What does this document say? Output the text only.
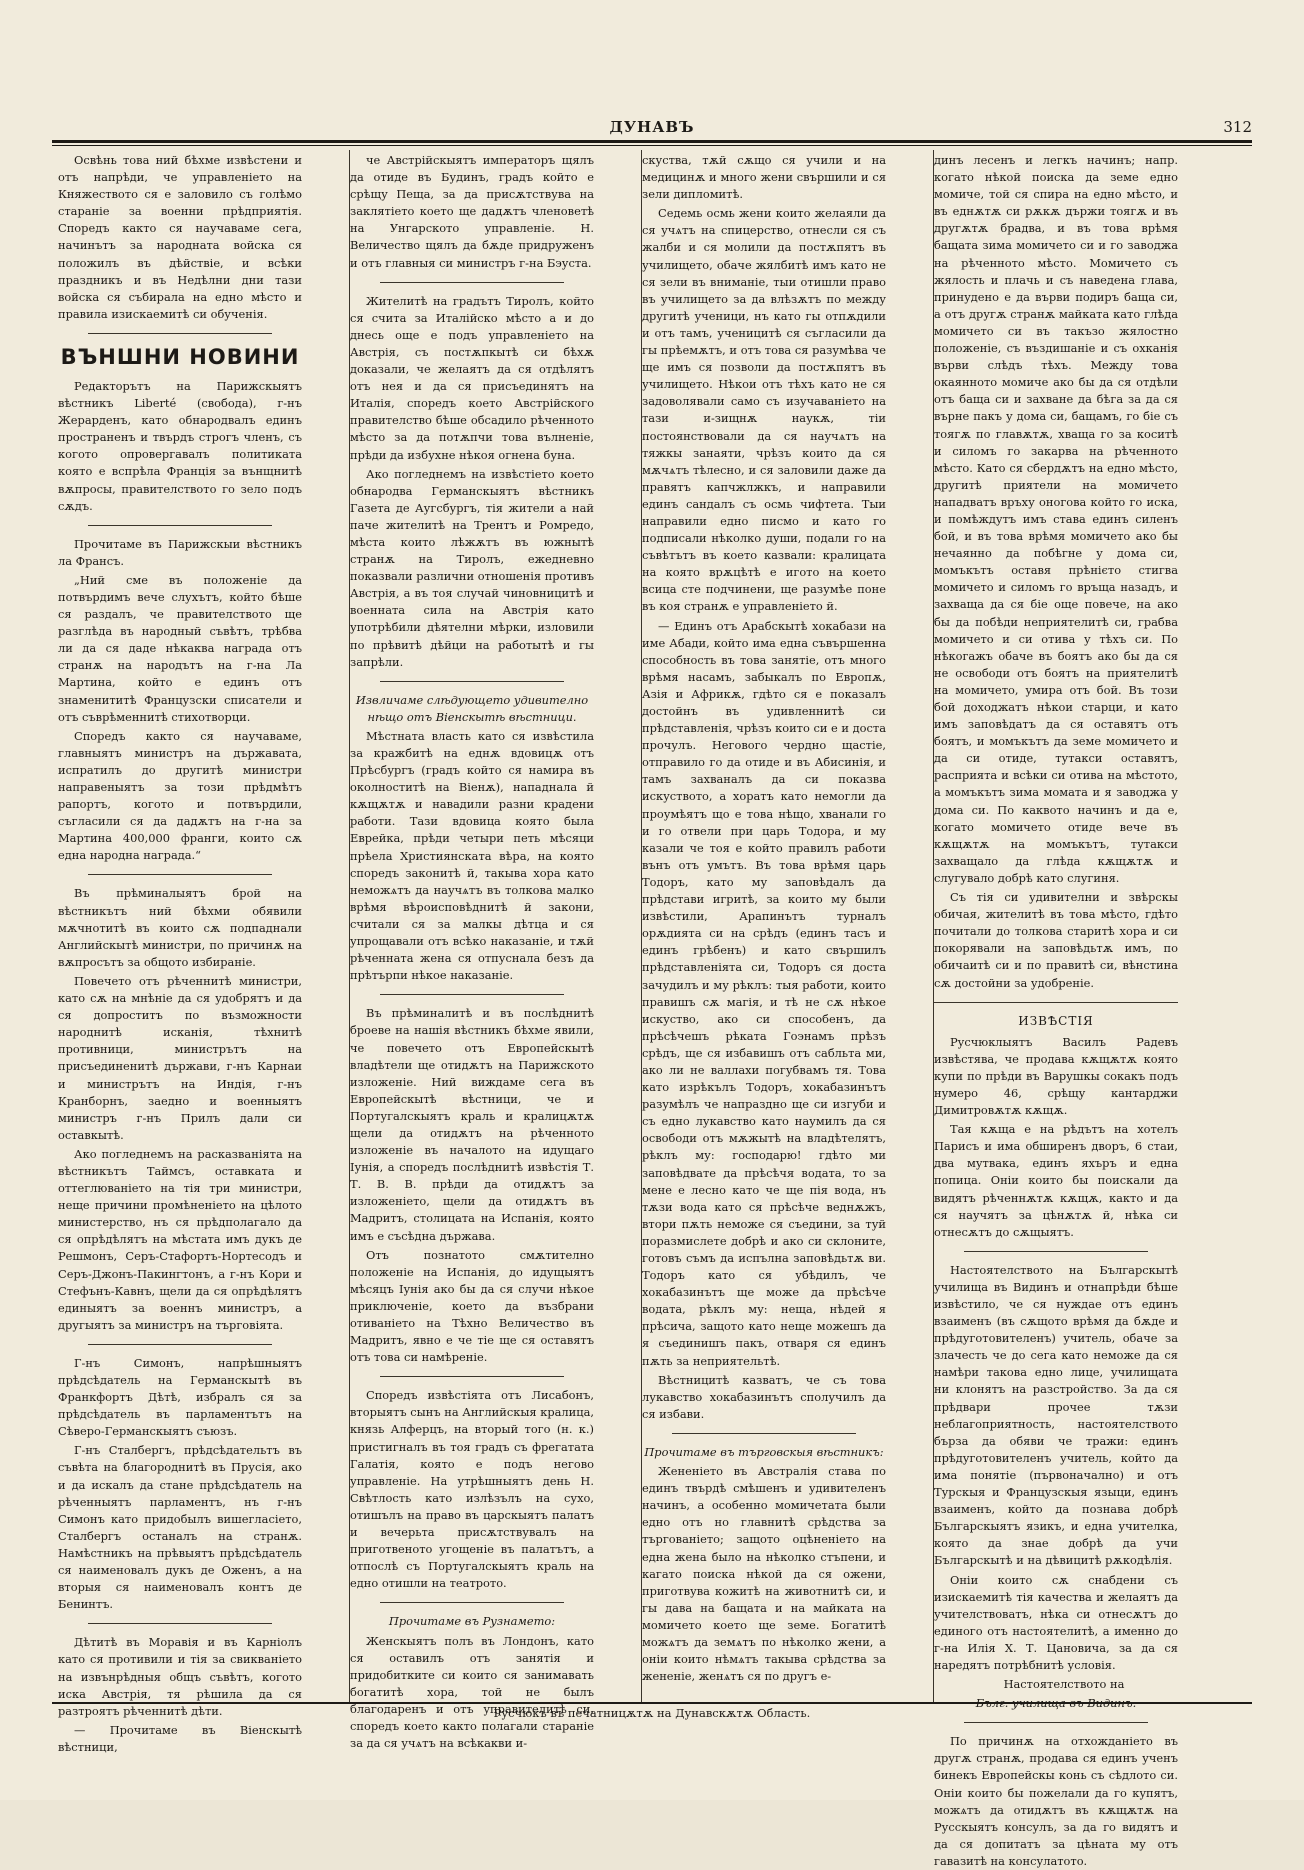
ДУНАВЪ	312

Освѣнь това ний бѣхме извѣстени и отъ напрѣди, че управленіето на Княжеството ся е заловило съ голѣмо стараніе за военни прѣдприятія. Споредъ както ся научаваме сега, начинътъ за народната войска ся положилъ въ дѣйствіе, и всѣки праздникъ и въ Недѣлни дни тази войска ся събирала на едно мѣсто и правила изискаемитѣ си обученія.

ВЪНШНИ НОВИНИ

Редакторътъ на Парижскыятъ вѣстникъ Liberté (свобода), г-нъ Жерарденъ, като обнародвалъ единъ пространенъ и твърдъ строгъ членъ, съ когото опровергавалъ политиката която е вспрѣла Франція за вънщнитѣ вѫпросы, правителството го зело подъ сѫдъ.

Прочитаме въ Парижскыи вѣстникъ ла Франсъ.

„Ний сме въ положеніе да потвърдимъ вече слухътъ, който бѣше ся раздалъ, че правителството ще разглѣда въ народный съвѣтъ, трѣбва ли да ся даде нѣкаква награда отъ странѫ на народътъ на г-на Ла Мартина, който е единъ отъ знаменититѣ Французски списатели и отъ съврѣменнитѣ стихотворци.

Споредъ както ся научаваме, главныятъ министръ на държавата, испратилъ до другитѣ министри направеныятъ за този прѣдмѣтъ рапортъ, когото и потвърдили, съгласили ся да дадѫтъ на г-на за Мартина 400,000 франги, които сѫ една народна награда.“

Въ прѣминалыятъ брой на вѣстникътъ ний бѣхми обявили мѫчнотитѣ въ които сѫ подпаднали Английскытѣ министри, по причинѫ на вѫпросътъ за общото избираніе.

Повечето отъ рѣченнитѣ министри, като сѫ на мнѣніе да ся удобрятъ и да ся допроститъ по възможности народнитѣ исканія, тѣхнитѣ противници, министрътъ на присъединенитѣ държави, г-нъ Карнаи и министрътъ на Индія, г-нъ Кранборнъ, заедно и военныятъ министръ г-нъ Прилъ дали си оставкытѣ.

Ако погледнемъ на расказваніята на вѣстникътъ Таймсъ, оставката и оттеглюваніето на тія три министри, неще причини промѣненіето на цѣлото министерство, нъ ся прѣдполагало да ся опрѣдѣлятъ на мѣстата имъ дукъ де Решмонъ, Серъ-Стафортъ-Нортесодъ и Серъ-Джонъ-Пакингтонъ, а г-нъ Кори и Стефънъ-Кавнъ, щели да ся опрѣдѣлятъ единыятъ за военнъ министръ, а другыятъ за министръ на търговіята.

Г-нъ Симонъ, напрѣшныятъ прѣдсѣдатель на Германскытѣ въ Франкфортъ Дѣтѣ, избралъ ся за прѣдсѣдатель въ парламентътъ на Сѣверо-Германскыятъ съюзъ.

Г-нъ Сталбергъ, прѣдсѣдательтъ въ съвѣта на благороднитѣ въ Прусія, ако и да искалъ да стане прѣдсѣдатель на рѣченныятъ парламентъ, нъ г-нъ Симонъ като придобылъ вишегласіето, Сталбергъ останалъ на странѫ. Намѣстникъ на прѣвыятъ прѣдсѣдатель ся наименовалъ дукъ де Оженъ, а на вторыя ся наименовалъ контъ де Бенинтъ.

Дѣтитѣ въ Моравія и въ Карніолъ като ся противили и тія за свикваніето на извънрѣдныя общъ съвѣтъ, когото иска Австрія, тя рѣшила да ся разтроятъ рѣченнитѣ дѣти.

— Прочитаме въ Віенскытѣ вѣстници,

че Австрійскыятъ императоръ щялъ да отиде въ Будинъ, градъ който е срѣщу Пеща, за да присѫтствува на заклятіето което ще дадѫтъ членоветѣ на Унгарското управленіе. Н. Величество щялъ да бѫде придруженъ и отъ главныя си министръ г-на Бэуста.

Жителитѣ на градътъ Тиролъ, който ся счита за Италійско мѣсто а и до днесь още е подъ управленіето на Австрія, съ постѫпкытѣ си бѣхѫ доказали, че желаятъ да ся отдѣлятъ отъ нея и да ся присъединятъ на Италія, споредъ което Австрійского правителство бѣше обсадило рѣченното мѣсто за да потѫпчи това вълненіе, прѣди да избухне нѣкоя огнена буна.

Ако погледнемъ на извѣстіето което обнародва Германскыятъ вѣстникъ Газета де Аугсбургъ, тія жители а най паче жителитѣ на Трентъ и Ромредо, мѣста които лѣжѫтъ въ южнытѣ странѫ на Тиролъ, ежедневно показвали различни отношенія противъ Австрія, а въ тоя случай чиновницитѣ и военната сила на Австрія като употрѣбили дѣятелни мѣрки, изловили по прѣвитѣ дѣйци на работытѣ и гы запрѣли.

Извличаме слѣдующето удивително нѣщо отъ Віенскытѣ вѣстници.

Мѣстната власть като ся извѣстила за кражбитѣ на еднѫ вдовицѫ отъ Прѣсбургъ (градъ който ся намира въ околноститѣ на Віенѫ), нападнала й кѫщѫтѫ и навадили разни крадени работи. Тази вдовица която была Еврейка, прѣди четыри петь мѣсяци прѣела Християнската вѣра, на която споредъ законитѣ й, такыва хора като неможѧтъ да научѧтъ въ толкова малко врѣмя вѣроисповѣднитѣ й закони, считали ся за малкы дѣтца и ся упрощавали отъ всѣко наказаніе, и тѫй рѣченната жена ся отпуснала безъ да прѣтърпи нѣкое наказаніе.

Въ прѣминалитѣ и въ послѣднитѣ броеве на нашія вѣстникъ бѣхме явили, че повечето отъ Европейскытѣ владѣтели ще отидѫтъ на Парижското изложеніе. Ний виждаме сега въ Европейскытѣ вѣстници, че и Португалскыятъ краль и кралицѫтѫ щели да отидѫтъ на рѣченното изложеніе въ началото на идущаго Іунія, а споредъ послѣднитѣ извѣстія Т. Т. В. В. прѣди да отидѫтъ за изложеніето, щели да отидѫтъ въ Мадритъ, столицата на Испанія, която имъ е съсѣдна държава.

Отъ познатото смѫтително положеніе на Испанія, до идущыятъ мѣсяцъ Іунія ако бы да ся случи нѣкое приключеніе, което да възбрани отиваніето на Тѣхно Величество въ Мадритъ, явно е че тіе ще ся оставятъ отъ това си намѣреніе.

Споредъ извѣстіята отъ Лисабонъ, вторыятъ сынъ на Английскыя кралица, князь Алферцъ, на вторый того (н. к.) пристигналъ въ тоя градъ съ фрегатата Галатія, която е подъ негово управленіе. На утрѣшныятъ день Н. Свѣтлость като излѣзълъ на сухо, отишълъ на право въ царскыятъ палатъ и вечерьта присѫтствувалъ на приготвеното угощеніе въ палатътъ, а отпослѣ съ Португалскыятъ краль на едно отишли на театрото.

Прочитаме въ Рузнамето:

Женскыятъ полъ въ Лондонъ, като ся оставилъ отъ занятія и придобитките си които ся занимавать богатитѣ хора, той не былъ благодаренъ и отъ управителитѣ си, споредъ което както полагали стараніе за да ся учѧтъ на всѣкакви и-

скуства, тѫй сѫщо ся учили и на медицинѫ и много жени свършили и ся зели дипломитѣ.

Седемь осмь жени които желаяли да ся учѧтъ на спицерство, отнесли ся съ жалби и ся молили да постѫпятъ въ училището, обаче жялбитѣ имъ като не ся зели въ вниманіе, тыи отишли право въ училището за да влѣзѫтъ по между другитѣ ученици, нъ като гы отпѫдили и отъ тамъ, ученицитѣ ся съгласили да гы прѣемѫтъ, и отъ това ся разумѣва че ще имъ ся позволи да постѫпятъ въ училището. Нѣкои отъ тѣхъ като не ся задоволявали само съ изучаваніето на тази и-зищнѫ наукѫ, тіи постоянствовали да ся научѧтъ на тяжкы занаяти, чрѣзъ които да ся мѫчѧтъ тѣлесно, и ся заловили даже да правятъ капчжлжкъ, и направили единъ сандалъ съ осмь чифтета. Тыи направили едно писмо и като го подписали нѣколко души, подали го на съвѣтътъ въ което казвали: кралицата на която врѫцѣтѣ е игото на което всица сте подчинени, ще разумѣе поне въ коя странѫ е управленіето й.

— Единъ отъ Арабскытѣ хокабази на име Абади, който има една съвършенна способность въ това занятіе, отъ много врѣмя насамъ, забыкалъ по Европѫ, Азія и Африкѫ, гдѣто ся е показалъ достойнъ въ удивленнитѣ си прѣдставленія, чрѣзъ които си е и доста прочулъ. Негового чердно щастіе, отправило го да отиде и въ Абисинія, и тамъ захваналъ да си показва искуството, а хоратъ като немогли да проумѣятъ що е това нѣщо, хванали го и го отвели при царь Тодора, и му казали че тоя е който правилъ работи вънъ отъ умътъ. Въ това врѣмя царь Тодоръ, като му заповѣдалъ да прѣдстави игритѣ, за които му были извѣстили, Арапинътъ турналъ орѫдията си на срѣдъ (единъ тасъ и единъ грѣбенъ) и като свършилъ прѣдставленіята си, Тодоръ ся доста зачудилъ и му рѣклъ: тыя работи, които правишъ сѫ магія, и тѣ не сѫ нѣкое искуство, ако си способенъ, да прѣсѣчешъ рѣката Гоэнамъ прѣзъ срѣдъ, ще ся избавишъ отъ сабльта ми, ако ли не валлахи погубвамъ тя. Това като изрѣкълъ Тодоръ, хокабазинътъ разумѣлъ че напраздно ще си изгуби и съ едно лукавство като наумилъ да ся освободи отъ мѫжытѣ на владѣтелятъ, рѣклъ му: господарю! гдѣто ми заповѣдвате да прѣсѣчя водата, то за мене е лесно като че ще пія вода, нъ тѫзи вода като ся прѣсѣче веднѫжъ, втори пѫть неможе ся съедини, за туй поразмислете добрѣ и ако си склоните, готовъ съмъ да испълна заповѣдьтѫ ви. Тодоръ като ся убѣдилъ, че хокабазинътъ ще може да прѣсѣче водата, рѣклъ му: неща, нѣдей я прѣсича, защото като неще можешъ да я съединишъ пакъ, отваря ся единъ пѫть за неприятельтѣ.

Вѣстницитѣ казватъ, че съ това лукавство хокабазинътъ сполучилъ да ся избави.

Прочитаме въ търговскыя вѣстникъ:

Жененіето въ Австралія става по единъ твърдѣ смѣшенъ и удивителенъ начинъ, а особенно момичетата были едно отъ но главнитѣ срѣдства за търгованіето; защото оцѣненіето на една жена было на нѣколко стъпени, и кагато поиска нѣкой да ся ожени, приготвува кожитѣ на животнитѣ си, и гы дава на бащата и на майката на момичето което ще земе. Богатитѣ можѧтъ да земѧтъ по нѣколко жени, а оніи които нѣмѧтъ такыва срѣдства за жененіе, женѧтъ ся по другъ е-

динъ лесенъ и легкъ начинъ; напр. когато нѣкой поиска да земе едно момиче, той ся спира на едно мѣсто, и въ еднѫтѫ си рѫкѫ държи тоягѫ и въ другѫтѫ брадва, и въ това врѣмя бащата зима момичето си и го заводжа на рѣченното мѣсто. Момичето съ жялость и плачь и съ наведена глава, принудено е да върви подиръ баща си, а отъ другѫ странѫ майката като глѣда момичето си въ такъзо жялостно положеніе, съ въздишаніе и съ охканія върви слѣдъ тѣхъ. Между това окаянното момиче ако бы да ся отдѣли отъ баща си и захване да бѣга за да ся върне пакъ у дома си, бащамъ, го біе съ тоягѫ по главѫтѫ, хваща го за коситѣ и силомъ го закарва на рѣченното мѣсто. Като ся сбердѫтъ на едно мѣсто, другитѣ приятели на момичето нападватъ връху оногова който го иска, и помѣждутъ имъ става единъ силенъ бой, и въ това врѣмя момичето ако бы нечаянно да побѣгне у дома си, момъкътъ оставя прѣнієто стигва момичето и силомъ го връща назадъ, и захваща да ся біе още повече, на ако бы да побѣди неприятелитѣ си, грабва момичето и си отива у тѣхъ си. По нѣкогажъ обаче въ боятъ ако бы да ся не освободи отъ боятъ на приятелитѣ на момичето, умира отъ бой. Въ този бой доходжатъ нѣкои старци, и като имъ заповѣдатъ да ся оставятъ отъ боятъ, и момъкътъ да земе момичето и да си отиде, тутакси оставятъ, расприята и всѣки си отива на мѣстото, а момъкътъ зима момата и я заводжа у дома си. По каквото начинъ и да е, когато момичето отиде вече въ кѫщѫтѫ на момъкътъ, тутакси захващало да глѣда кѫщѫтѫ и слугувало добрѣ като слугиня.

Съ тія си удивителни и звѣрскы обичая, жителитѣ въ това мѣсто, гдѣто почитали до толкова старитѣ хора и си покорявали на заповѣдьтѫ имъ, по обичаитѣ си и по правитѣ си, вѣнстина сѫ достойни за удобреніе.

ИЗВѢСТІЯ

Русчюклыятъ Василъ Радевъ извѣстява, че продава кѫщѫтѫ която купи по прѣди въ Варушкы сокакъ подъ нумеро 46, срѣщу кантарджи Димитровѫтѫ кѫщѫ.

Тая кѫща е на рѣдътъ на хотелъ Парисъ и има обширенъ дворъ, 6 стаи, два мутвака, единъ яхъръ и една попица. Оніи които бы поискали да видятъ рѣченнѫтѫ кѫщѫ, както и да ся научятъ за цѣнѫтѫ й, нѣка си отнесѫтъ до сѫщыятъ.

Настоятелството на Българскытѣ училища въ Видинъ и отнапрѣди бѣше извѣстило, че ся нуждае отъ единъ взаименъ (въ сѫщото врѣмя да бѫде и прѣдуготовителенъ) учитель, обаче за злачесть че до сега като неможе да ся намѣри такова едно лице, училищата ни клонятъ на разстройство. За да ся прѣдвари прочее тѫзи неблагоприятность, настоятелството бърза да обяви че тражи: единъ прѣдуготовителенъ учитель, който да има понятіе (първоначално) и отъ Турскыя и Французскыя языци, единъ взаименъ, който да познава добрѣ Българскыятъ язикъ, и една учителка, която да знае добрѣ да учи Българскытѣ и на дѣвицитѣ рѫкодѣлія.

Оніи които сѫ снабдени съ изискаемитѣ тія качества и желаятъ да учителствоватъ, нѣка си отнесѫтъ до единого отъ настоятелитѣ, а именно до г-на Илія Х. Т. Цановича, за да ся наредятъ потрѣбнитѣ условія.

Настоятелството на

Бълг. училища въ Видинъ.

По причинѫ на отхожданіето въ другѫ странѫ, продава ся единъ ученъ бинекъ Европейскы конь съ сѣдлото си. Оніи които бы пожелали да го купятъ, можѧтъ да отидѫтъ въ кѫщѫтѫ на Русскыятъ консулъ, за да го видятъ и да ся допитатъ за цѣната му отъ гавазитѣ на консулатото.

Русчюкъ въ печатницѫтѫ на Дунавскѫтѫ Область.
